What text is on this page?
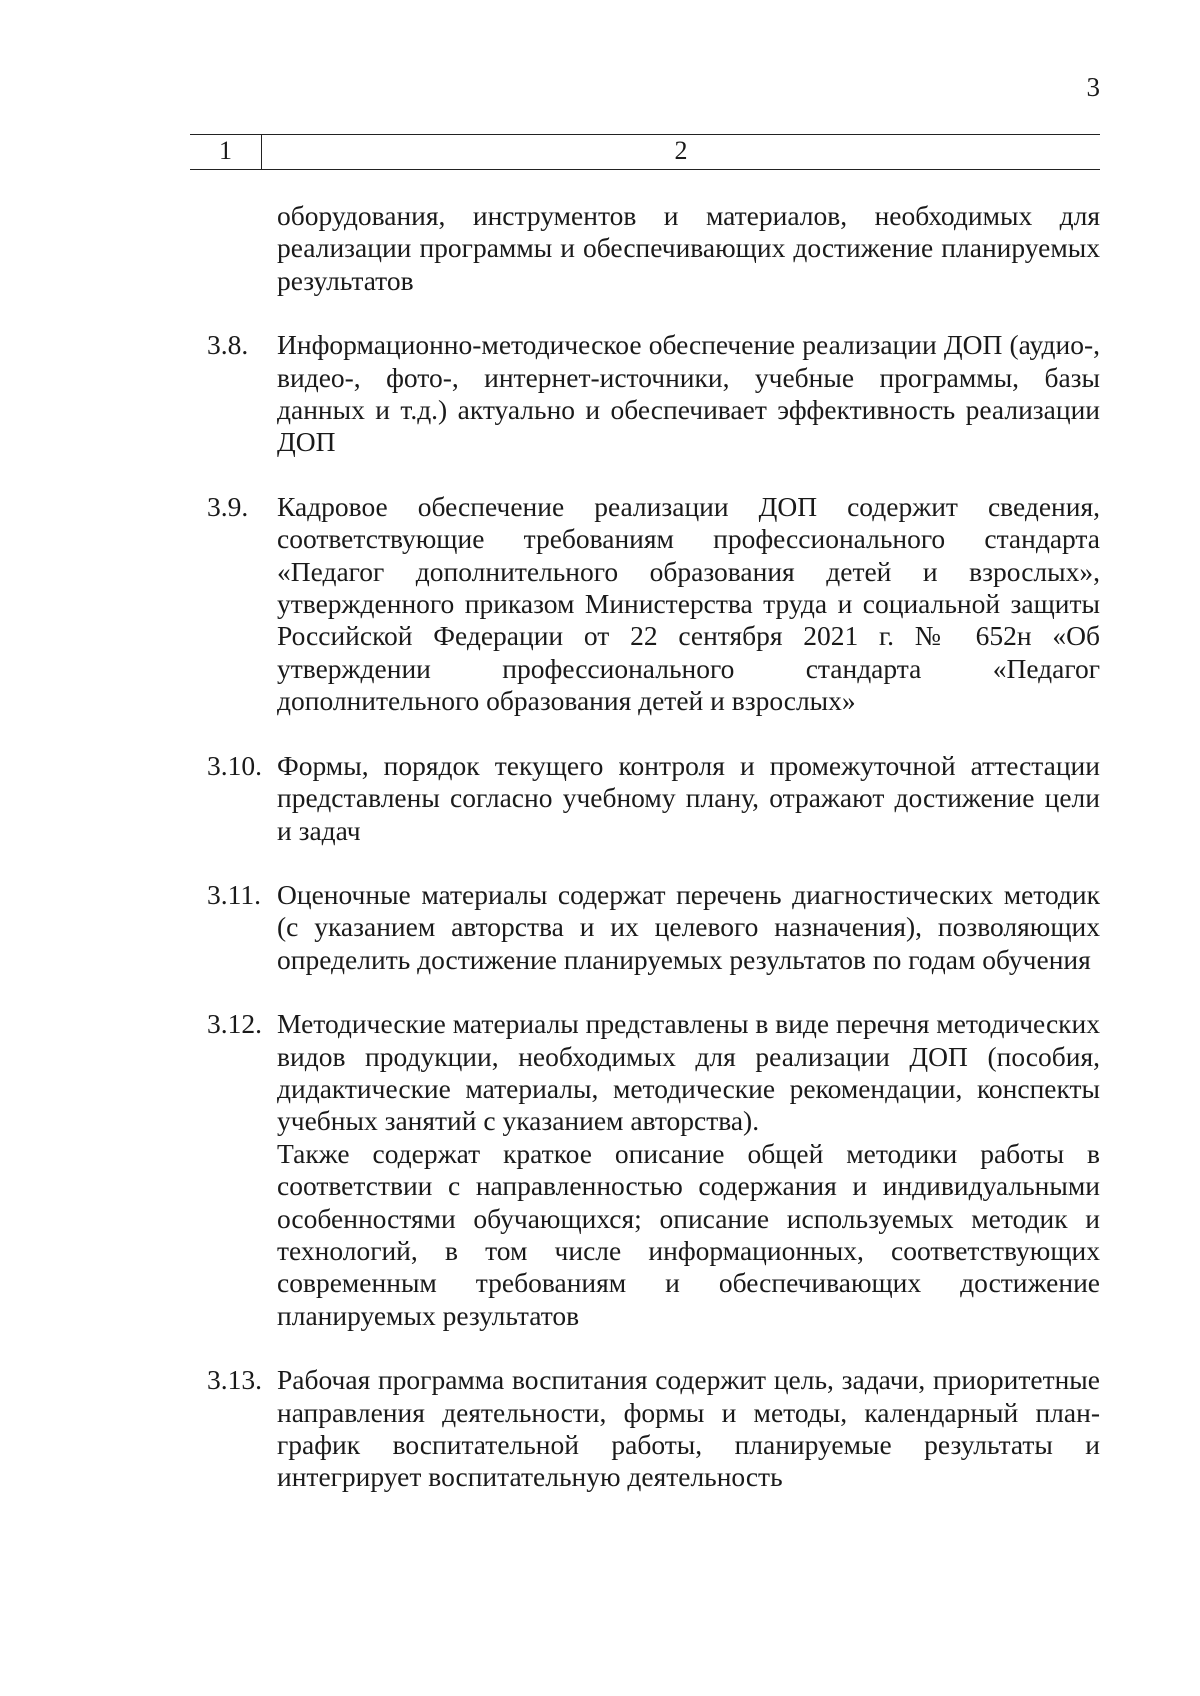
3
1	2

оборудования, инструментов и материалов, необходимых для реализации программы и обеспечивающих достижение планируемых результатов

3.8.	Информационно-методическое обеспечение реализации ДОП (аудио-, видео-, фото-, интернет-источники, учебные программы, базы данных и т.д.) актуально и обеспечивает эффективность реализации ДОП

3.9.	Кадровое обеспечение реализации ДОП содержит сведения, соответствующие требованиям профессионального стандарта «Педагог дополнительного образования детей и взрослых», утвержденного приказом Министерства труда и социальной защиты Российской Федерации от 22 сентября 2021 г. № 652н «Об утверждении профессионального стандарта «Педагог дополнительного образования детей и взрослых»

3.10. Формы, порядок текущего контроля и промежуточной аттестации представлены согласно учебному плану, отражают достижение цели и задач

3.11. Оценочные материалы содержат перечень диагностических методик (с указанием авторства и их целевого назначения), позволяющих определить достижение планируемых результатов по годам обучения

3.12. Методические материалы представлены в виде перечня методических видов продукции, необходимых для реализации ДОП (пособия, дидактические материалы, методические рекомендации, конспекты учебных занятий с указанием авторства).

Также содержат краткое описание общей методики работы в соответствии с направленностью содержания и индивидуальными особенностями обучающихся; описание используемых методик и технологий, в том числе информационных, соответствующих современным требованиям и обеспечивающих достижение планируемых результатов

3.13. Рабочая программа воспитания содержит цель, задачи, приоритетные направления деятельности, формы и методы, календарный план-график воспитательной работы, планируемые результаты и интегрирует воспитательную деятельность
